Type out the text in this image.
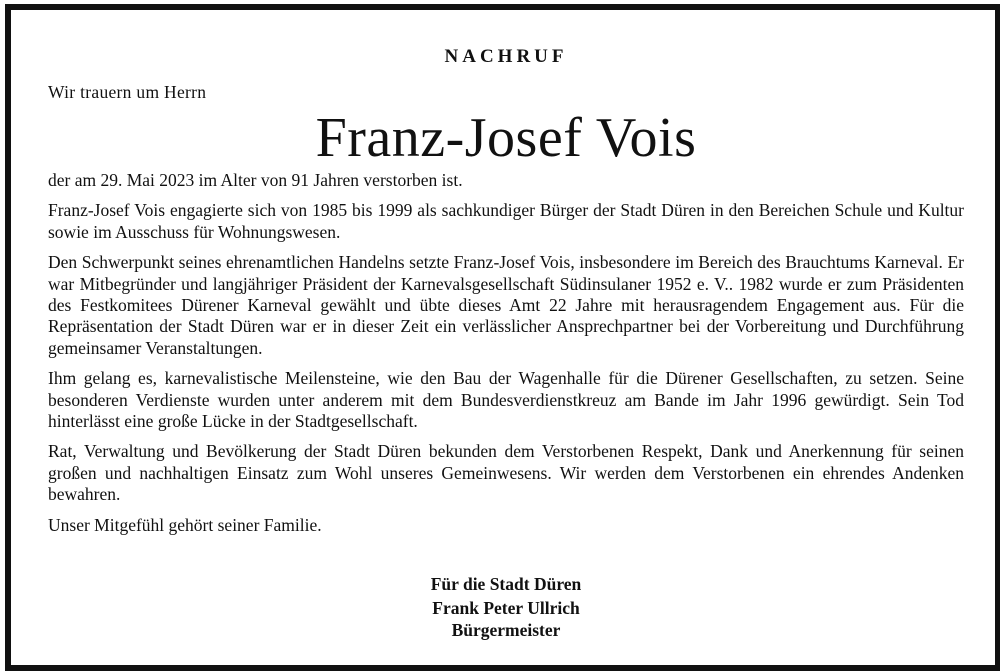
NACHRUF
Wir trauern um Herrn
Franz-Josef Vois

der am 29. Mai 2023 im Alter von 91 Jahren verstorben ist.

Franz-Josef Vois engagierte sich von 1985 bis 1999 als sachkundiger Bürger der Stadt Düren in den Bereichen Schule und Kultur sowie im Ausschuss für Wohnungswesen.

Den Schwerpunkt seines ehrenamtlichen Handelns setzte Franz-Josef Vois, insbesondere im Bereich des Brauchtums Karneval. Er war Mitbegründer und langjähriger Präsident der Karnevalsgesellschaft Südinsulaner 1952 e. V.. 1982 wurde er zum Präsidenten des Festkomitees Dürener Karneval gewählt und übte dieses Amt 22 Jahre mit herausragendem Engagement aus. Für die Repräsentation der Stadt Düren war er in dieser Zeit ein verlässlicher Ansprechpartner bei der Vorbereitung und Durchführung gemeinsamer Veranstaltungen.

Ihm gelang es, karnevalistische Meilensteine, wie den Bau der Wagenhalle für die Dürener Gesellschaften, zu setzen. Seine besonderen Verdienste wurden unter anderem mit dem Bundesverdienstkreuz am Bande im Jahr 1996 gewürdigt. Sein Tod hinterlässt eine große Lücke in der Stadtgesellschaft.

Rat, Verwaltung und Bevölkerung der Stadt Düren bekunden dem Verstorbenen Respekt, Dank und Anerkennung für seinen großen und nachhaltigen Einsatz zum Wohl unseres Gemeinwesens. Wir werden dem Verstorbenen ein ehrendes Andenken bewahren.

Unser Mitgefühl gehört seiner Familie.

Für die Stadt Düren
Frank Peter Ullrich
Bürgermeister
